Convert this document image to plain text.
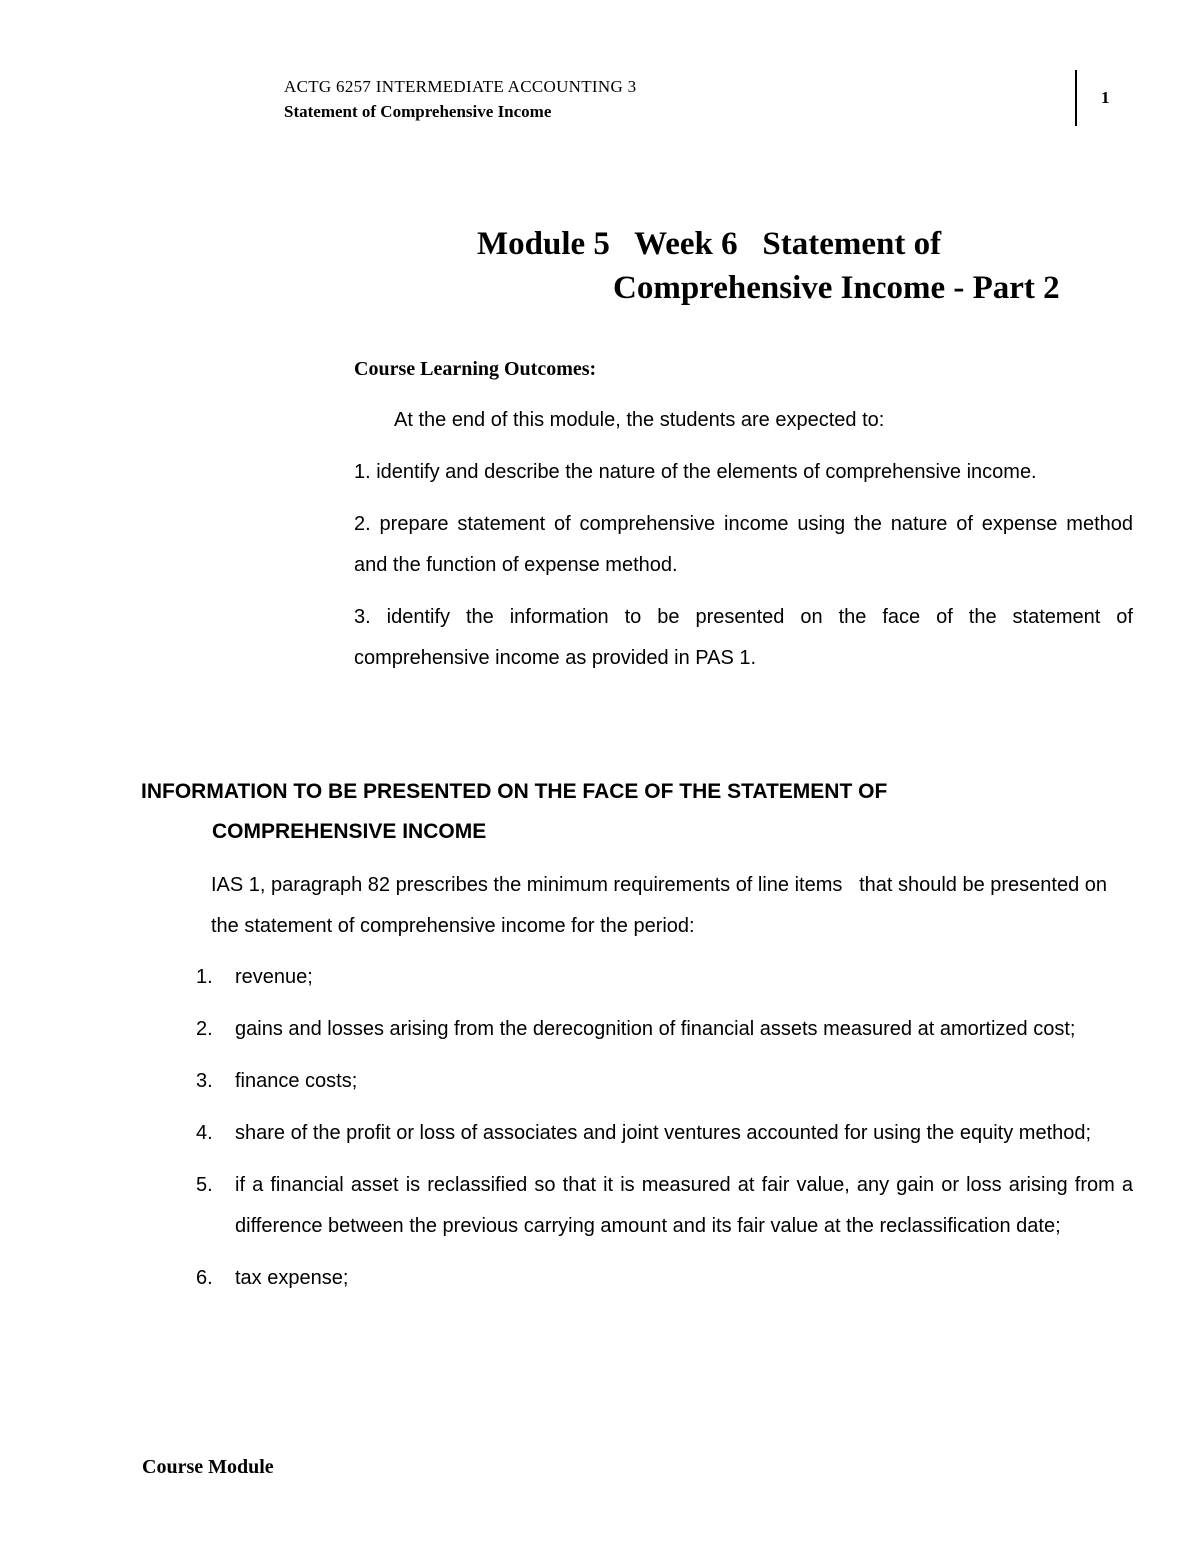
ACTG 6257 INTERMEDIATE ACCOUNTING 3
Statement of Comprehensive Income
1
Module 5   Week 6   Statement of
Comprehensive Income - Part 2
Course Learning Outcomes:

At the end of this module, the students are expected to:

1. identify and describe the nature of the elements of comprehensive income.

2. prepare statement of comprehensive income using the nature of expense method and the function of expense method.

3. identify the information to be presented on the face of the statement of comprehensive income as provided in PAS 1.

INFORMATION TO BE PRESENTED ON THE FACE OF THE STATEMENT OF
COMPREHENSIVE INCOME

IAS 1, paragraph 82 prescribes the minimum requirements of line items   that should be presented on the statement of comprehensive income for the period:

1. revenue;
2. gains and losses arising from the derecognition of financial assets measured at amortized cost;
3. finance costs;
4. share of the profit or loss of associates and joint ventures accounted for using the equity method;
5. if a financial asset is reclassified so that it is measured at fair value, any gain or loss arising from a difference between the previous carrying amount and its fair value at the reclassification date;
6. tax expense;
Course Module
